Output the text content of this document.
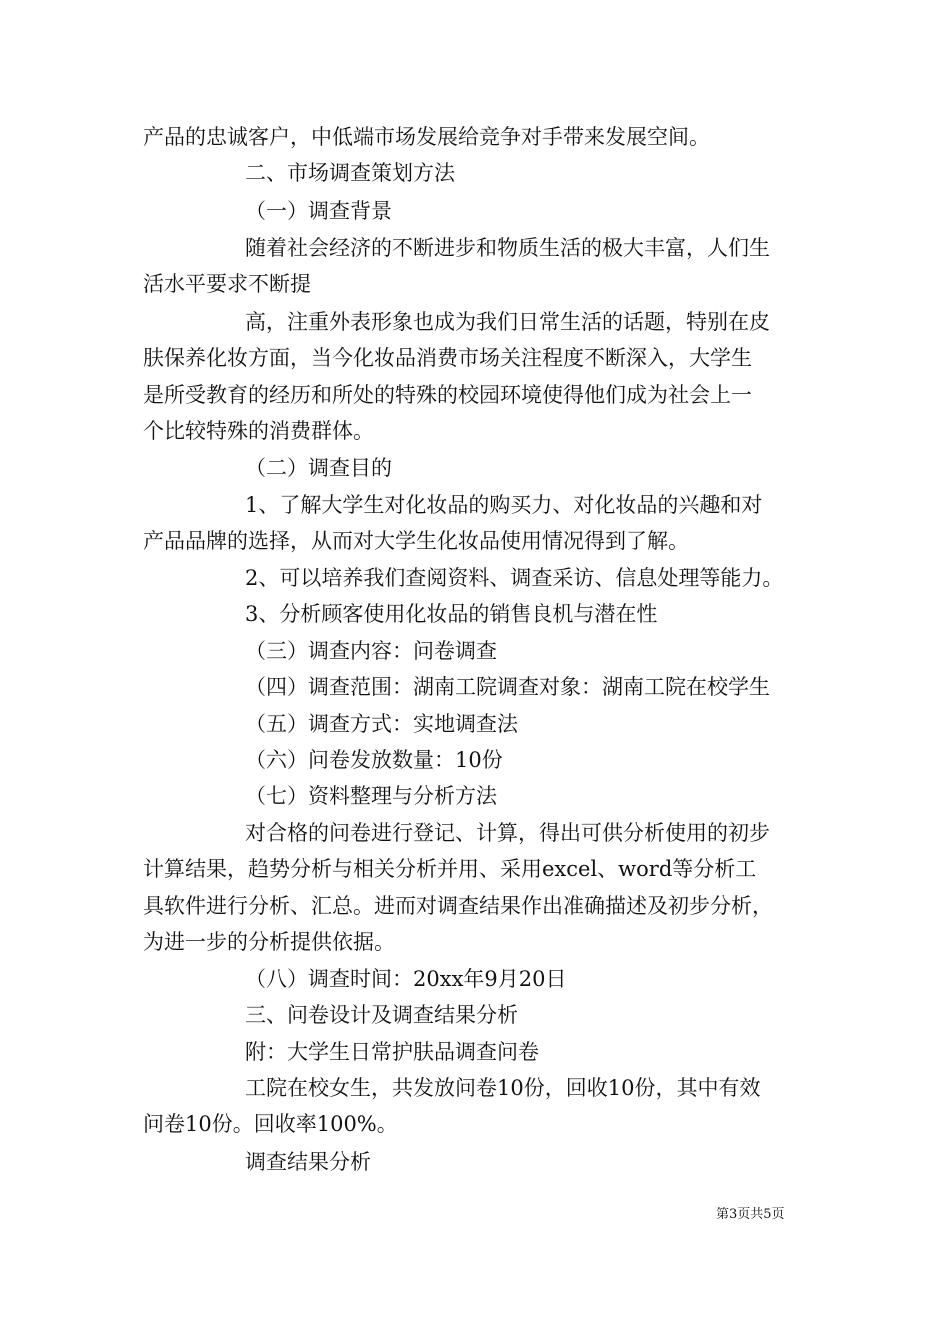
产品的忠诚客户，中低端市场发展给竞争对手带来发展空间。
二、市场调查策划方法
（一）调查背景
随着社会经济的不断进步和物质生活的极大丰富，人们生
活水平要求不断提
高，注重外表形象也成为我们日常生活的话题，特别在皮
肤保养化妆方面，当今化妆品消费市场关注程度不断深入，大学生
是所受教育的经历和所处的特殊的校园环境使得他们成为社会上一
个比较特殊的消费群体。
（二）调查目的
1、了解大学生对化妆品的购买力、对化妆品的兴趣和对
产品品牌的选择，从而对大学生化妆品使用情况得到了解。
2、可以培养我们查阅资料、调查采访、信息处理等能力。
3、分析顾客使用化妆品的销售良机与潜在性
（三）调查内容：问卷调查
（四）调查范围：湖南工院调查对象：湖南工院在校学生
（五）调查方式：实地调查法
（六）问卷发放数量：10份
（七）资料整理与分析方法
对合格的问卷进行登记、计算，得出可供分析使用的初步
计算结果，趋势分析与相关分析并用、采用excel、word等分析工
具软件进行分析、汇总。进而对调查结果作出准确描述及初步分析，
为进一步的分析提供依据。
（八）调查时间：20xx年9月20日
三、问卷设计及调查结果分析
附：大学生日常护肤品调查问卷
工院在校女生，共发放问卷10份，回收10份，其中有效
问卷10份。回收率100%。
调查结果分析
第3页共5页
